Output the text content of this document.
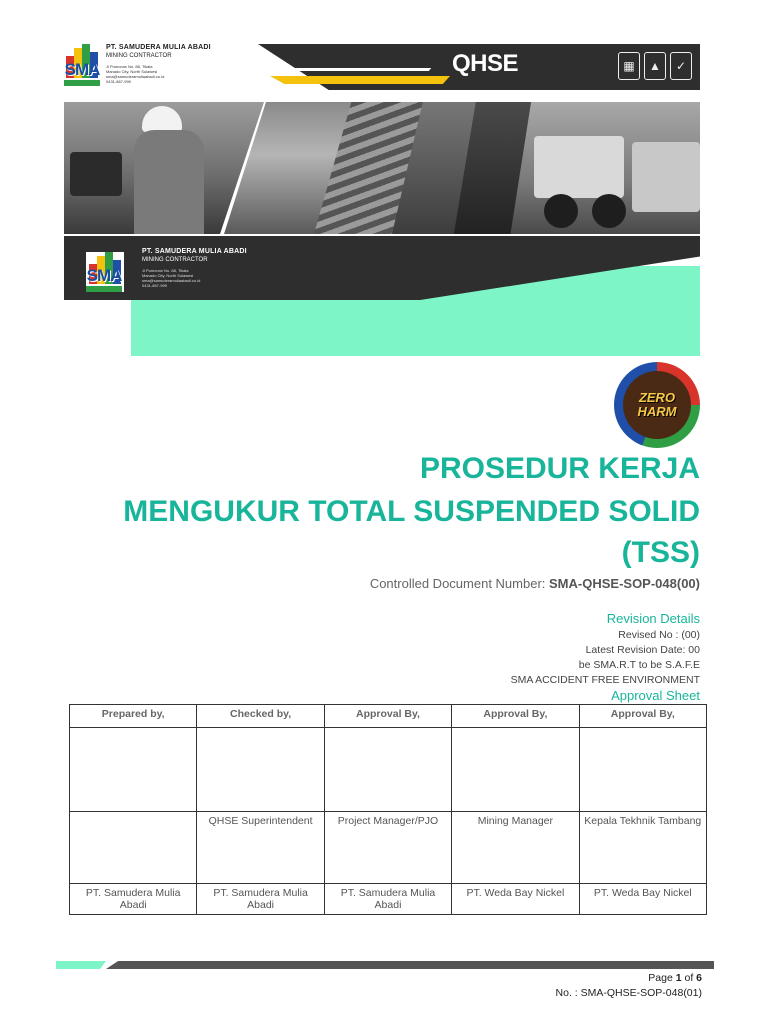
SMA
PT. SAMUDERA MULIA ABADI
MINING CONTRACTOR
Jl Pumorow No. 88, Tikala
Manado City, North Sulawesi
sma@samuderamuliaabadi.co.id
0431-867-999
QHSE	▦	▲	✓
SMA
PT. SAMUDERA MULIA ABADI
MINING CONTRACTOR
Jl Pumorow No. 88, Tikala
Manado City, North Sulawesi
sma@samuderamuliaabadi.co.id
0431-867-999
ZERO
HARM
PROSEDUR KERJA
MENGUKUR TOTAL SUSPENDED SOLID
(TSS)
Controlled Document Number: SMA-QHSE-SOP-048(00)
Revision Details
Revised No : (00)
Latest Revision Date: 00
be SMA.R.T to be S.A.F.E
SMA ACCIDENT FREE ENVIRONMENT
Approval Sheet
Prepared by,	Checked by,	Approval By,	Approval By,	Approval By,

	QHSE Superintendent	Project Manager/PJO	Mining Manager	Kepala Tekhnik Tambang
PT. Samudera Mulia Abadi	PT. Samudera Mulia Abadi	PT. Samudera Mulia Abadi	PT. Weda Bay Nickel	PT. Weda Bay Nickel
Page 1 of 6
No. : SMA-QHSE-SOP-048(01)
